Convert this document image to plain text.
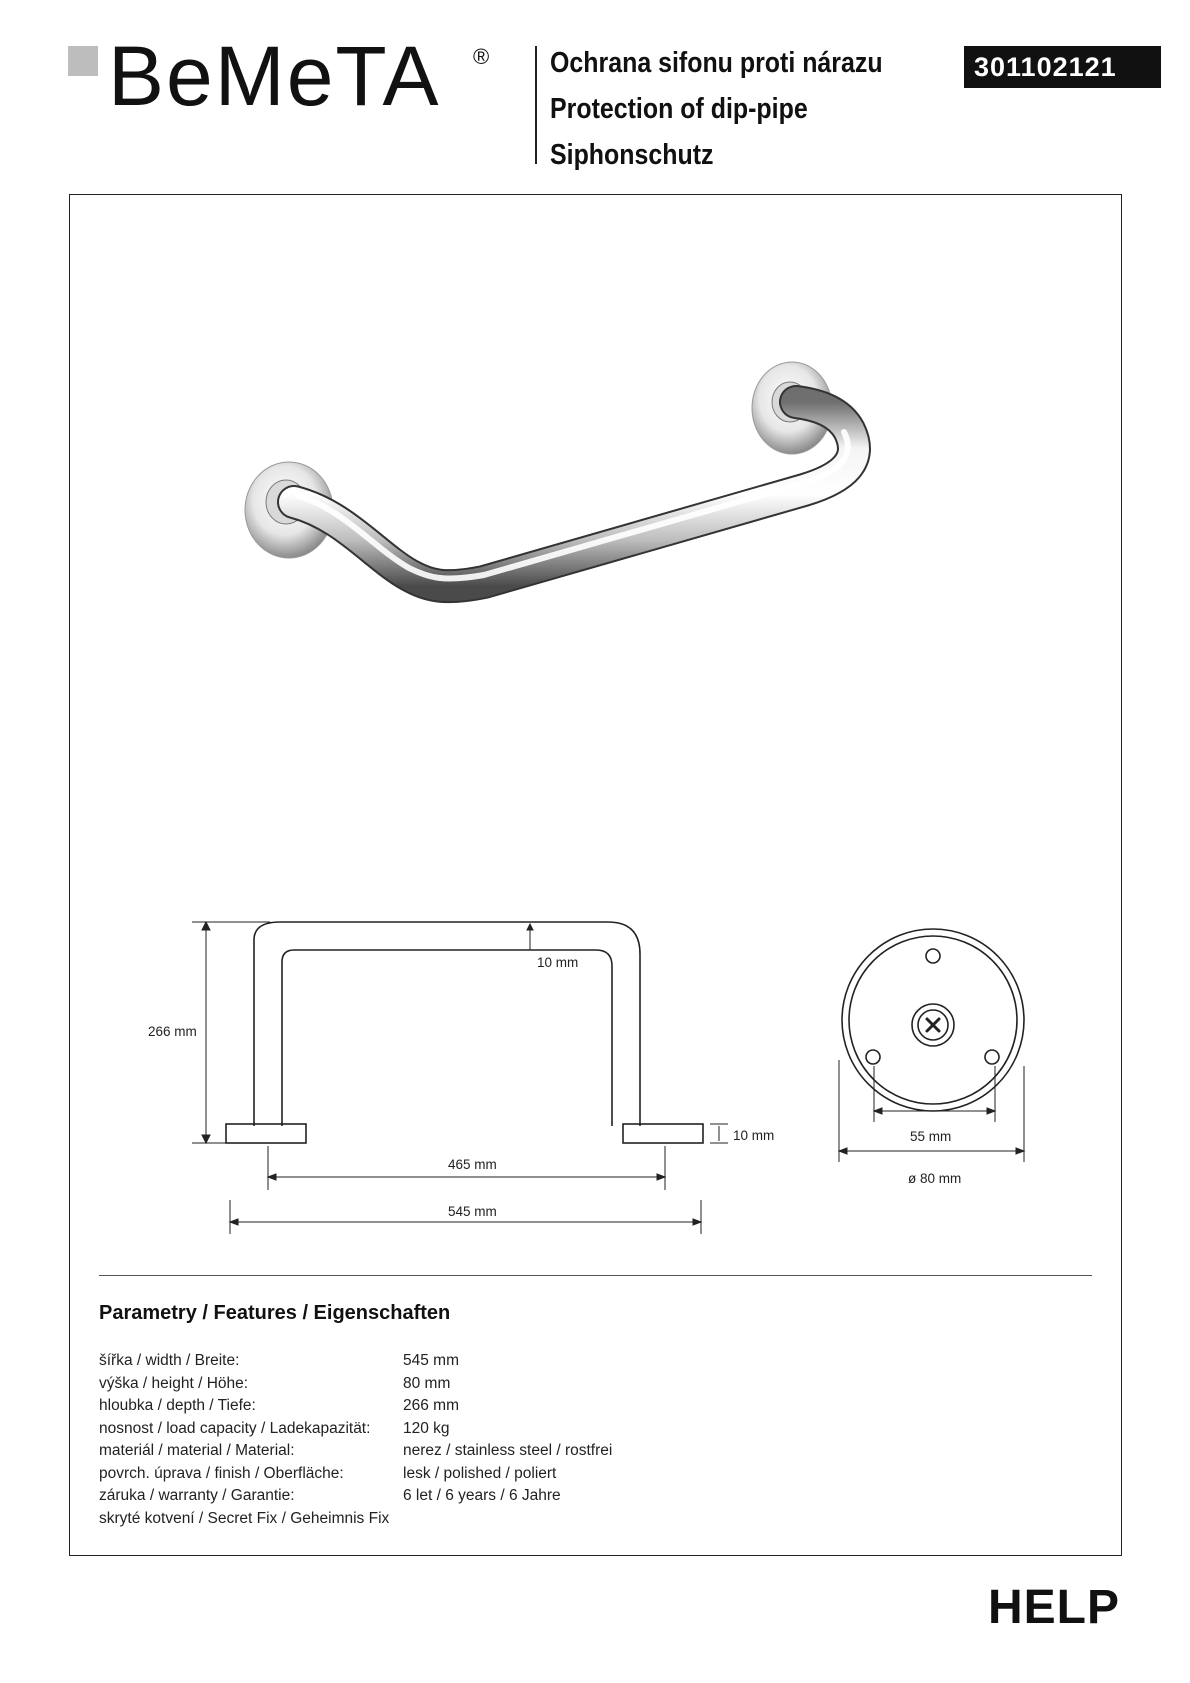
BeMeTA ® Ochrana sifonu proti nárazu
Protection of dip-pipe
Siphonschutz
301102121
266 mm
10 mm
10 mm
465 mm
545 mm
55 mm
ø 80 mm
Parametry / Features / Eigenschaften
šířka / width / Breite:	545 mm
výška / height / Höhe:	80 mm
hloubka / depth / Tiefe:	266 mm
nosnost / load capacity / Ladekapazität:	120 kg
materiál / material / Material:	nerez / stainless steel / rostfrei
povrch. úprava / finish / Oberfläche:	lesk / polished / poliert
záruka / warranty / Garantie:	6 let / 6 years / 6 Jahre
skryté kotvení / Secret Fix / Geheimnis Fix	
HELP
